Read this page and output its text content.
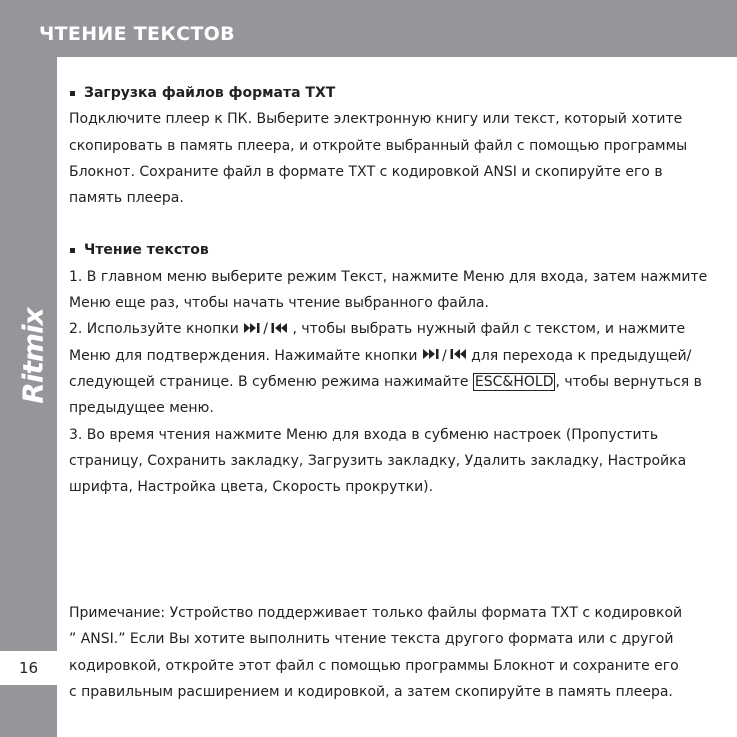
ЧТЕНИЕ ТЕКСТОВ
Ritmix
16
Загрузка файлов формата ТХТ
Подключите плеер к ПК. Выберите электронную книгу или текст, который хотите
скопировать в память плеера, и откройте выбранный файл с помощью программы
Блокнот. Сохраните файл в формате ТХТ с кодировкой ANSI и скопируйте его в
память плеера.
Чтение текстов
1. В главном меню выберите режим Текст, нажмите Меню для входа, затем нажмите
Меню еще раз, чтобы начать чтение выбранного файла.
2. Используйте кнопки / , чтобы выбрать нужный файл с текстом, и нажмите
Меню для подтверждения. Нажимайте кнопки / для перехода к предыдущей/
следующей странице. В субменю режима нажимайте ESC&HOLD , чтобы вернуться в
предыдущее меню.
3. Во время чтения нажмите Меню для входа в субменю настроек (Пропустить
страницу, Сохранить закладку, Загрузить закладку, Удалить закладку, Настройка
шрифта, Настройка цвета, Скорость прокрутки).
Примечание: Устройство поддерживает только файлы формата ТХТ с кодировкой
” ANSI.” Если Вы хотите выполнить чтение текста другого формата или с другой
кодировкой, откройте этот файл с помощью программы Блокнот и сохраните его
с правильным расширением и кодировкой, а затем скопируйте в память плеера.
